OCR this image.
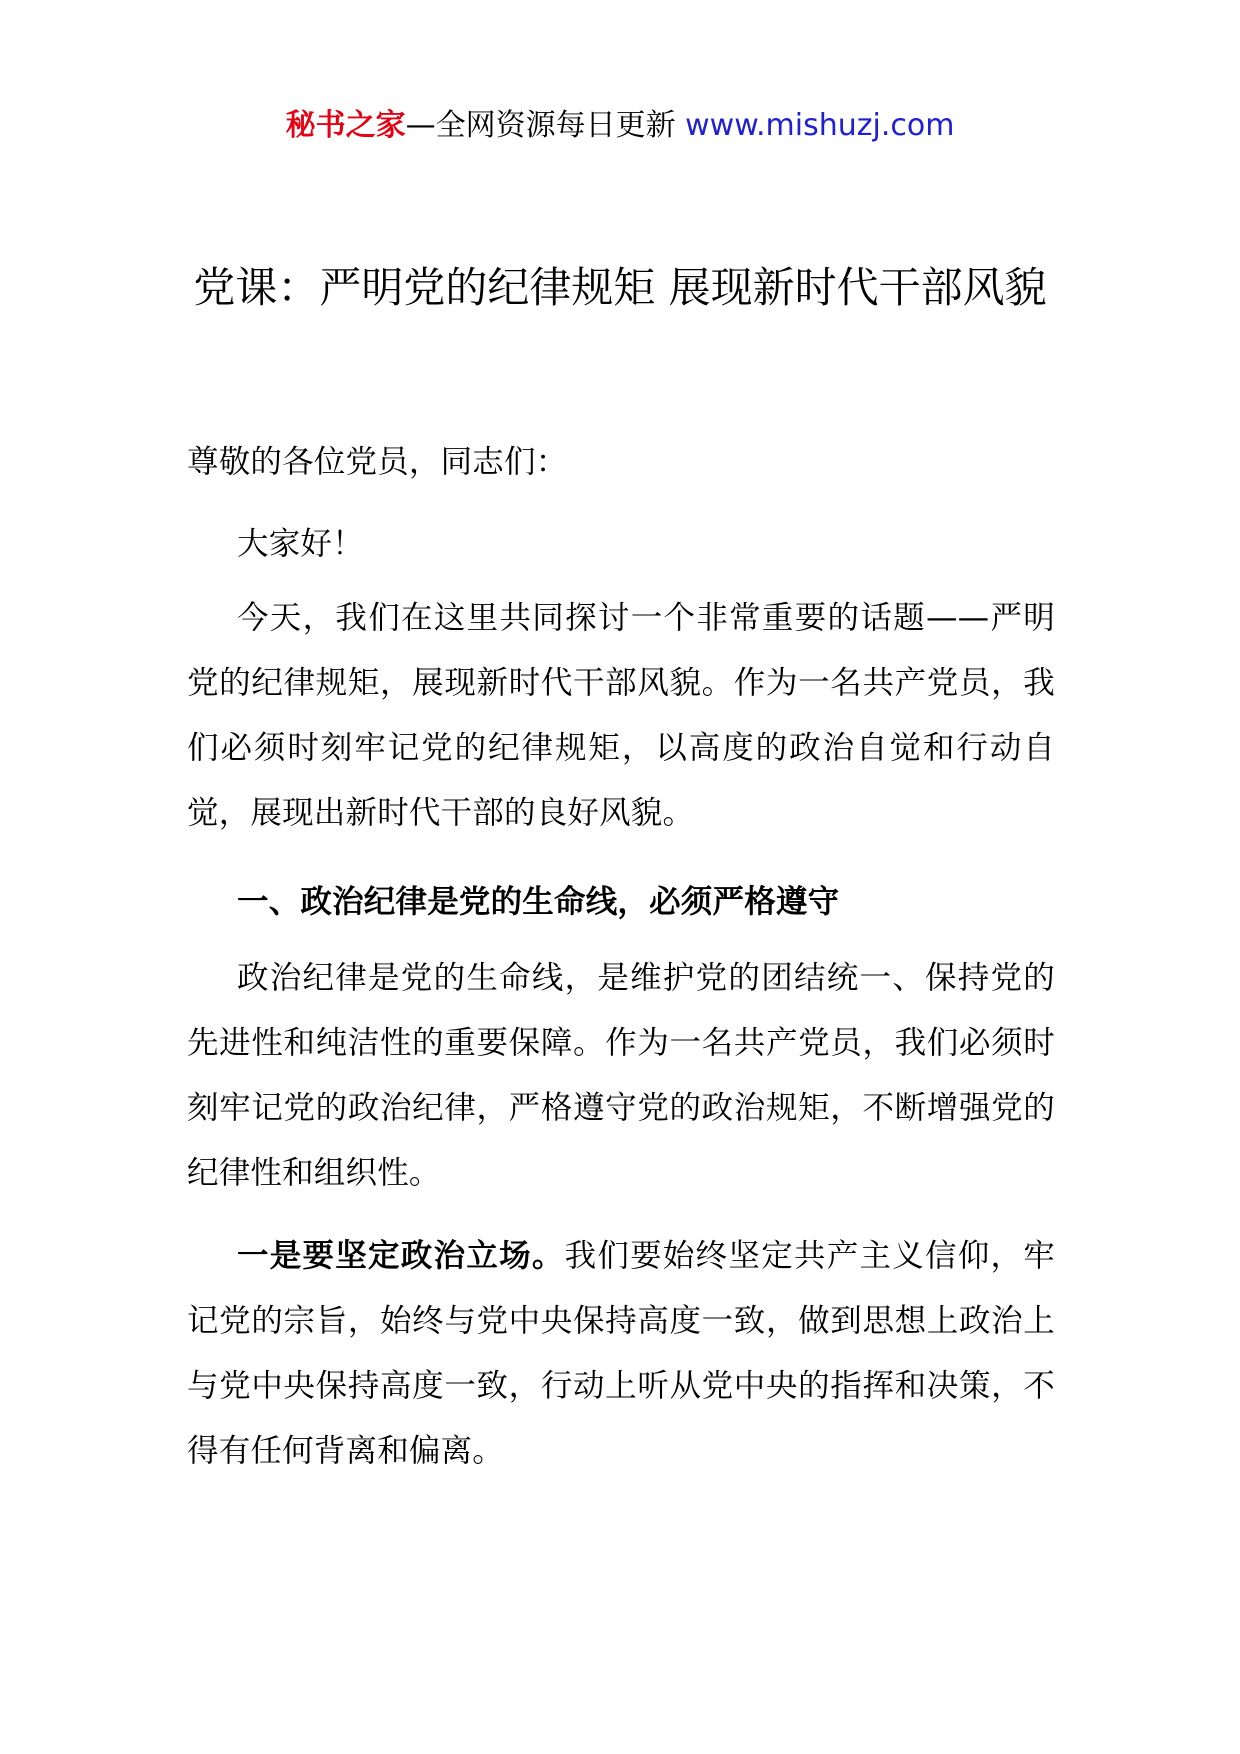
秘书之家—全网资源每日更新 www.mishuzj.com
党课：严明党的纪律规矩 展现新时代干部风貌

尊敬的各位党员，同志们：

大家好！

今天，我们在这里共同探讨一个非常重要的话题——严明党的纪律规矩，展现新时代干部风貌。作为一名共产党员，我们必须时刻牢记党的纪律规矩，以高度的政治自觉和行动自觉，展现出新时代干部的良好风貌。

一、政治纪律是党的生命线，必须严格遵守

政治纪律是党的生命线，是维护党的团结统一、保持党的先进性和纯洁性的重要保障。作为一名共产党员，我们必须时刻牢记党的政治纪律，严格遵守党的政治规矩，不断增强党的纪律性和组织性。

一是要坚定政治立场。我们要始终坚定共产主义信仰，牢记党的宗旨，始终与党中央保持高度一致，做到思想上政治上与党中央保持高度一致，行动上听从党中央的指挥和决策，不得有任何背离和偏离。
